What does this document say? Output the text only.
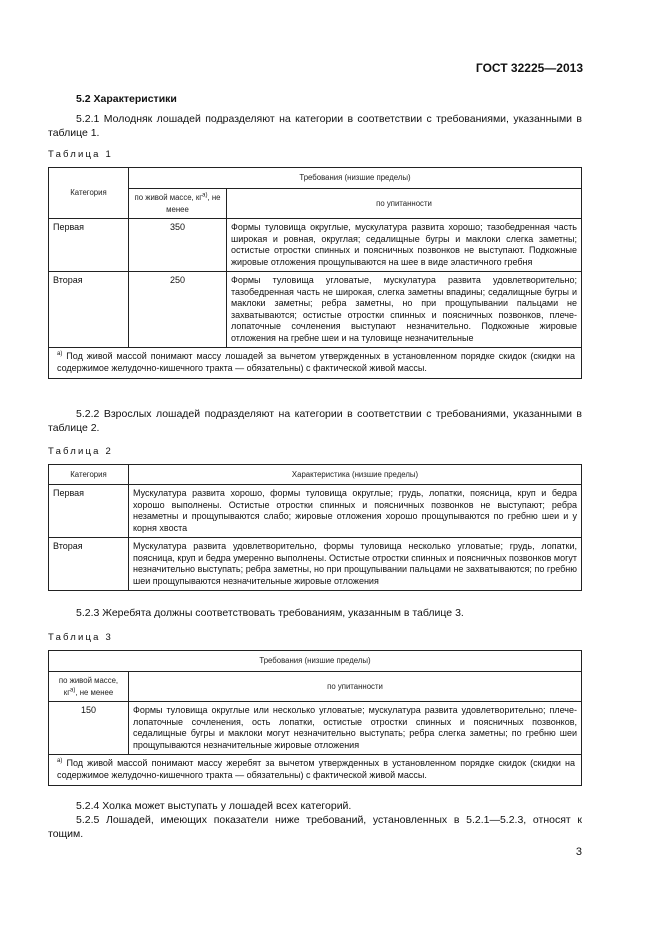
ГОСТ 32225—2013
5.2 Характеристики
5.2.1 Молодняк лошадей подразделяют на категории в соответствии с требованиями, указанными в таблице 1.
Таблица 1
Категория	Требования (низшие пределы)	
	по живой массе, $кг^{а)}$, не менее	по упитанности
Первая	350	Формы туловища округлые, мускулатура развита хорошо; тазобедренная часть широкая и ровная, округлая; седалищные бугры и маклоки слегка заметны; остистые отростки спинных и поясничных позвонков не выступают. Подкожные жировые отложения прощупываются на шее в виде эластичного гребня
Вторая	250	Формы туловища угловатые, мускулатура развита удовлетворительно; тазобедренная часть не широкая, слегка заметны впадины; седалищные бугры и маклоки заметны; ребра заметны, но при прощупывании пальцами не захватываются; остистые отростки спинных и поясничных позвонков, плече-лопаточные сочленения выступают незначительно. Подкожные жировые отложения на гребне шеи и на туловище незначительные
$^{а)}$ Под живой массой понимают массу лошадей за вычетом утвержденных в установленном порядке скидок (скидки на содержимое желудочно-кишечного тракта — обязательны) с фактической живой массы.		
5.2.2 Взрослых лошадей подразделяют на категории в соответствии с требованиями, указанными в таблице 2.
Таблица 2
Категория	Характеристика (низшие пределы)
Первая	Мускулатура развита хорошо, формы туловища округлые; грудь, лопатки, поясница, круп и бедра хорошо выполнены. Остистые отростки спинных и поясничных позвонков не выступают; ребра незаметны и прощупываются слабо; жировые отложения хорошо прощупываются по гребню шеи и у корня хвоста
Вторая	Мускулатура развита удовлетворительно, формы туловища несколько угловатые; грудь, лопатки, поясница, круп и бедра умеренно выполнены. Остистые отростки спинных и поясничных позвонков могут незначительно выступать; ребра заметны, но при прощупывании пальцами не захватываются; по гребню шеи прощупываются незначительные жировые отложения
5.2.3 Жеребята должны соответствовать требованиям, указанным в таблице 3.
Таблица 3
Требования (низшие пределы)	
по живой массе, $кг^{а)}$, не менее	по упитанности
150	Формы туловища округлые или несколько угловатые; мускулатура развита удовлетворительно; плече-лопаточные сочленения, ость лопатки, остистые отростки спинных и поясничных позвонков, седалищные бугры и маклоки могут незначительно выступать; ребра слегка заметны; по гребню шеи прощупываются незначительные жировые отложения
$^{а)}$ Под живой массой понимают массу жеребят за вычетом утвержденных в установленном порядке скидок (скидки на содержимое желудочно-кишечного тракта — обязательны) с фактической живой массы.	
5.2.4 Холка может выступать у лошадей всех категорий.
5.2.5 Лошадей, имеющих показатели ниже требований, установленных в 5.2.1—5.2.3, относят к тощим.
3
